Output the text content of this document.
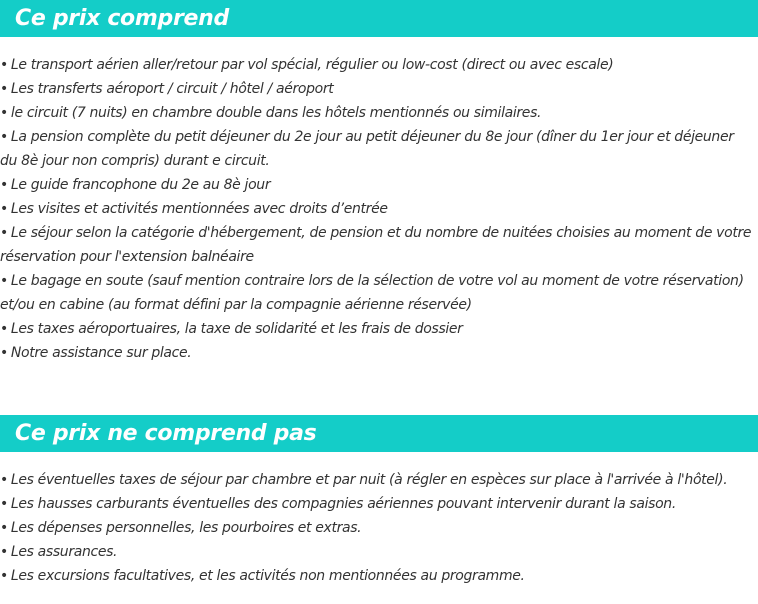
Ce prix comprend
• Le transport aérien aller/retour par vol spécial, régulier ou low-cost (direct ou avec escale)
• Les transferts aéroport / circuit / hôtel / aéroport
• le circuit (7 nuits) en chambre double dans les hôtels mentionnés ou similaires.
• La pension complète du petit déjeuner du 2e jour au petit déjeuner du 8e jour (dîner du 1er jour et déjeuner du 8è jour non compris) durant e circuit.
• Le guide francophone du 2e au 8è jour
• Les visites et activités mentionnées avec droits d’entrée
• Le séjour selon la catégorie d'hébergement, de pension et du nombre de nuitées choisies au moment de votre réservation pour l'extension balnéaire
• Le bagage en soute (sauf mention contraire lors de la sélection de votre vol au moment de votre réservation) et/ou en cabine (au format défini par la compagnie aérienne réservée)
• Les taxes aéroportuaires, la taxe de solidarité et les frais de dossier
• Notre assistance sur place.
Ce prix ne comprend pas
• Les éventuelles taxes de séjour par chambre et par nuit (à régler en espèces sur place à l'arrivée à l'hôtel).
• Les hausses carburants éventuelles des compagnies aériennes pouvant intervenir durant la saison.
• Les dépenses personnelles, les pourboires et extras.
• Les assurances.
• Les excursions facultatives, et les activités non mentionnées au programme.
